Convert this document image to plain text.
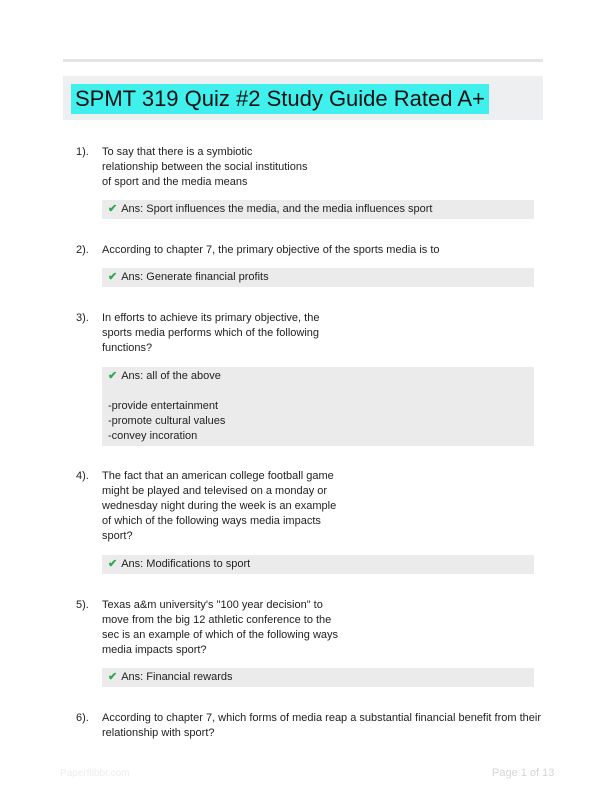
SPMT 319 Quiz #2 Study Guide Rated A+
1). To say that there is a symbiotic
relationship between the social institutions
of sport and the media means
✔ Ans: Sport influences the media, and the media influences sport
2). According to chapter 7, the primary objective of the sports media is to
✔ Ans: Generate financial profits
3). In efforts to achieve its primary objective, the
sports media performs which of the following
functions?
✔ Ans: all of the above
-provide entertainment
-promote cultural values
-convey incoration
4). The fact that an american college football game
might be played and televised on a monday or
wednesday night during the week is an example
of which of the following ways media impacts
sport?
✔ Ans: Modifications to sport
5). Texas a&m university's "100 year decision" to
move from the big 12 athletic conference to the
sec is an example of which of the following ways
media impacts sport?
✔ Ans: Financial rewards
6). According to chapter 7, which forms of media reap a substantial financial benefit from their
relationship with sport?
Paperflibbr.com	Page 1 of 13
